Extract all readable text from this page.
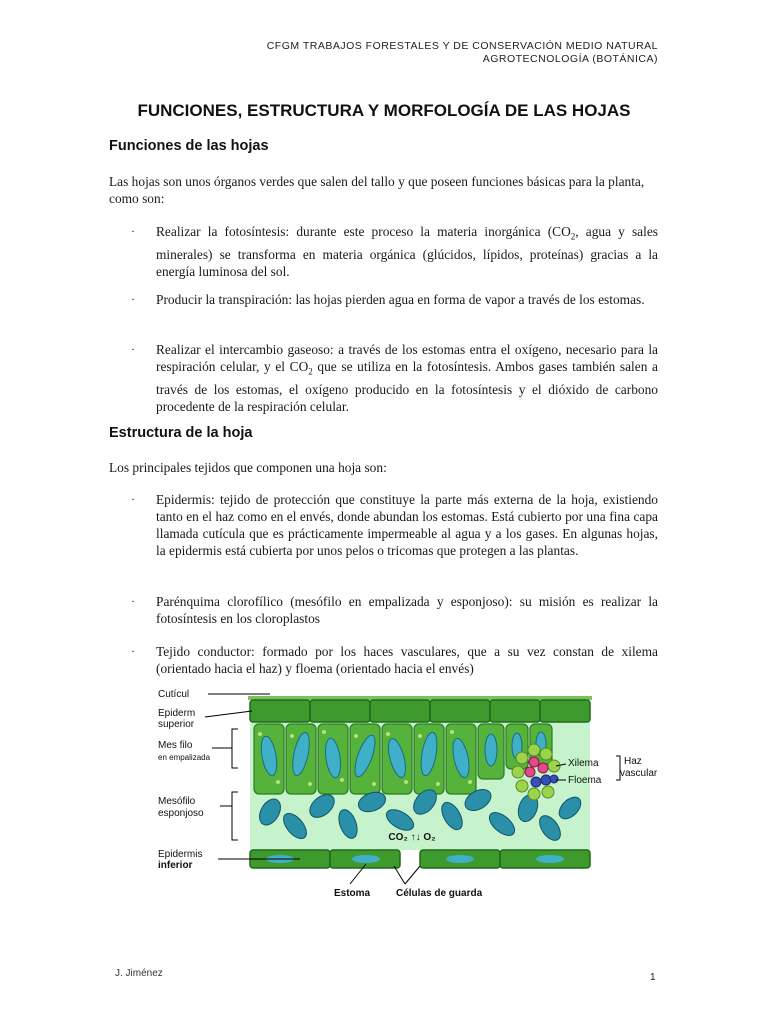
CFGM TRABAJOS FORESTALES Y DE CONSERVACIÓN MEDIO NATURAL
AGROTECNOLOGÍA (BOTÁNICA)
FUNCIONES, ESTRUCTURA Y MORFOLOGÍA DE LAS HOJAS
Funciones de las hojas

Las hojas son unos órganos verdes que salen del tallo y que poseen funciones básicas para la planta, como son:

· Realizar la fotosíntesis: durante este proceso la materia inorgánica ($CO_2$, agua y sales minerales) se transforma en materia orgánica (glúcidos, lípidos, proteínas) gracias a la energía luminosa del sol.
· Producir la transpiración: las hojas pierden agua en forma de vapor a través de los estomas.
· Realizar el intercambio gaseoso: a través de los estomas entra el oxígeno, necesario para la respiración celular, y el $CO_2$ que se utiliza en la fotosíntesis. Ambos gases también salen a través de los estomas, el oxígeno producido en la fotosíntesis y el dióxido de carbono procedente de la respiración celular.
Estructura de la hoja

Los principales tejidos que componen una hoja son:

· Epidermis: tejido de protección que constituye la parte más externa de la hoja, existiendo tanto en el haz como en el envés, donde abundan los estomas. Está cubierto por una fina capa llamada cutícula que es prácticamente impermeable al agua y a los gases. En algunas hojas, la epidermis está cubierta por unos pelos o tricomas que protegen a las plantas.
· Parénquima clorofílico (mesófilo en empalizada y esponjoso): su misión es realizar la fotosíntesis en los cloroplastos
· Tejido conductor: formado por los haces vasculares, que a su vez constan de xilema (orientado hacia el haz) y floema (orientado hacia el envés)
CO₂ ↑↓ O₂
Cutícul
Epiderm
superior
Mes filo
en empalizada
Mesófilo
esponjoso
Epidermis
inferior
Xilema
Floema
Haz
vascular
Estoma	Células de guarda
J. Jiménez	1
